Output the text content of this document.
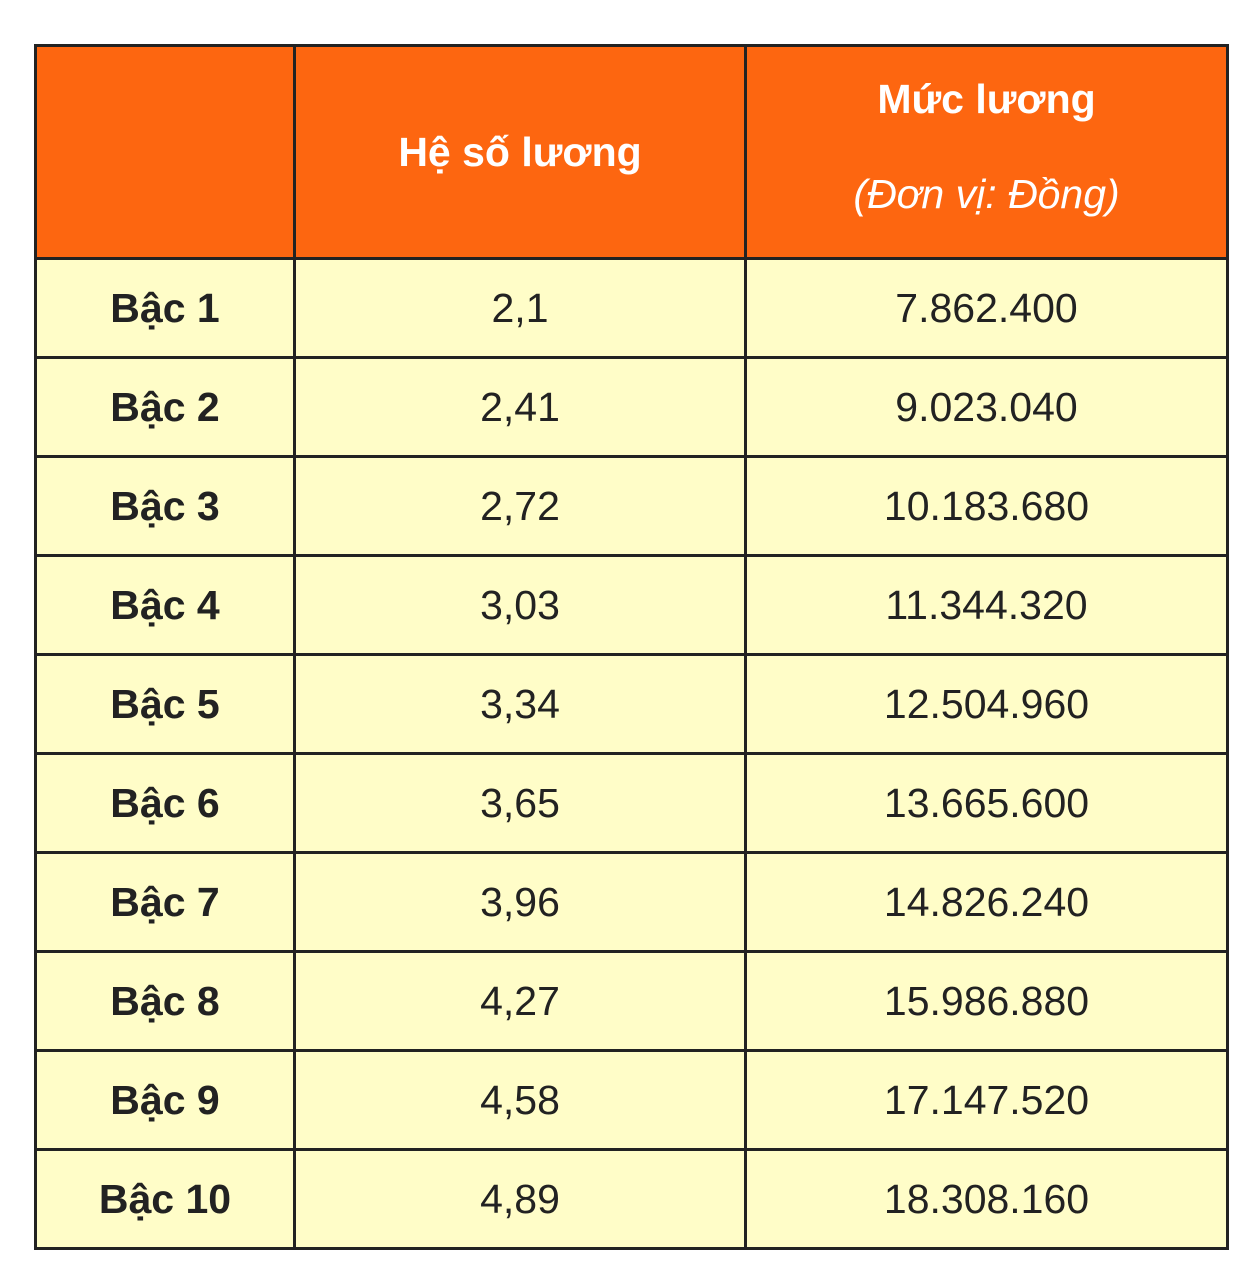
	Hệ số lương	Mức lương
(Đơn vị: Đồng)

Bậc 1	2,1	7.862.400
Bậc 2	2,41	9.023.040
Bậc 3	2,72	10.183.680
Bậc 4	3,03	11.344.320
Bậc 5	3,34	12.504.960
Bậc 6	3,65	13.665.600
Bậc 7	3,96	14.826.240
Bậc 8	4,27	15.986.880
Bậc 9	4,58	17.147.520
Bậc 10	4,89	18.308.160
